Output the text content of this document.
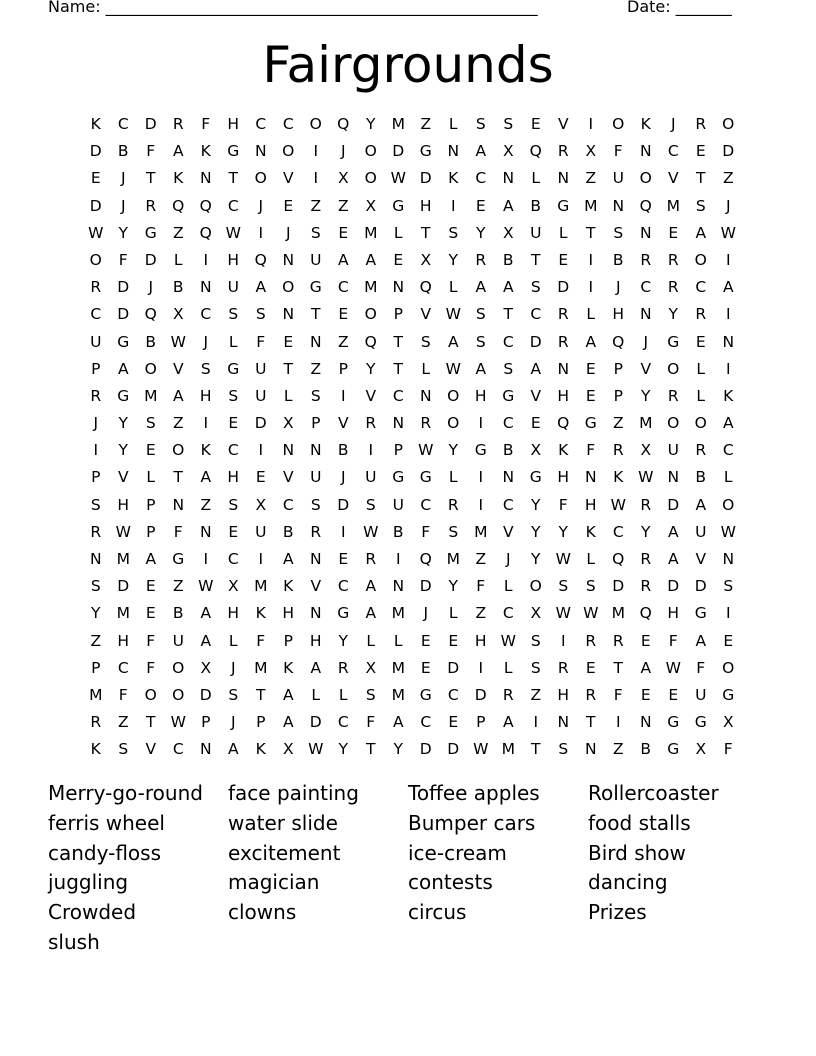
Name: ______________________________________________________	Date: _______
Fairgrounds
K	C	D	R	F	H	C	C	O Q	Y	M	Z	L	S	S	E	V	I	O	K	J	R	O
D	B	F	A	K	G	N	O	I	J	O D	G	N	A	X	Q	R	X	F	N	C	E	D
E	J	T	K	N	T	O	V	I	X	O W D	K	C	N	L	N	Z	U	O	V	T	Z
D	J	R	Q Q	C	J	E	Z	Z	X	G	H	I	E	A	B	G M N	Q M	S	J
W Y	G	Z	Q W	I	J	S	E	M	L	T	S	Y	X	U	L	T	S	N	E	A W
O	F	D	L	I	H	Q	N	U	A	A	E	X	Y	R	B	T	E	I	B	R	R	O	I
R	D	J	B	N	U	A	O G	C M N	Q	L	A	A	S	D	I	J	C	R	C	A
C	D Q	X	C	S	S	N	T	E	O	P	V W S	T	C	R	L	H	N	Y	R	I
U	G	B W	J	L	F	E	N	Z	Q	T	S	A	S	C	D	R	A	Q	J	G	E	N
P	A	O	V	S	G	U	T	Z	P	Y	T	L	W A	S	A	N	E	P	V	O	L	I
R	G M	A	H	S	U	L	S	I	V	C	N	O	H	G	V	H	E	P	Y	R	L	K
J	Y	S	Z	I	E	D	X	P	V	R	N	R	O	I	C	E	Q G	Z	M O O	A
I	Y	E	O	K	C	I	N	N	B	I	P W Y	G	B	X	K	F	R	X	U	R	C
P	V	L	T	A	H	E	V	U	J	U	G G	L	I	N	G	H	N	K W N	B	L
S	H	P	N	Z	S	X	C	S	D	S	U	C	R	I	C	Y	F	H W R	D	A	O
R W P	F	N	E	U	B	R	I	W B	F	S	M	V	Y	Y	K	C	Y	A	U W
N M	A	G	I	C	I	A	N	E	R	I	Q M	Z	J	Y W	L	Q	R	A	V	N
S	D	E	Z W X	M	K	V	C	A	N	D	Y	F	L	O	S	S	D	R	D	D	S
Y	M	E	B	A	H	K	H	N	G	A	M	J	L	Z	C	X W W M Q	H	G	I
Z	H	F	U	A	L	F	P	H	Y	L	L	E	E	H W S	I	R	R	E	F	A	E
P	C	F	O	X	J	M	K	A	R	X	M	E	D	I	L	S	R	E	T	A W F	O
M	F	O O D	S	T	A	L	L	S	M G	C	D	R	Z	H	R	F	E	E	U	G
R	Z	T W P	J	P	A	D	C	F	A	C	E	P	A	I	N	T	I	N	G G	X
K	S	V	C	N	A	K	X W Y	T	Y	D	D W M	T	S	N	Z	B	G	X	F
Merry-go-round
ferris wheel
candy-floss
juggling
Crowded
slush
face painting
water slide
excitement
magician
clowns
Toffee apples
Bumper cars
ice-cream
contests
circus
Rollercoaster
food stalls
Bird show
dancing
Prizes
